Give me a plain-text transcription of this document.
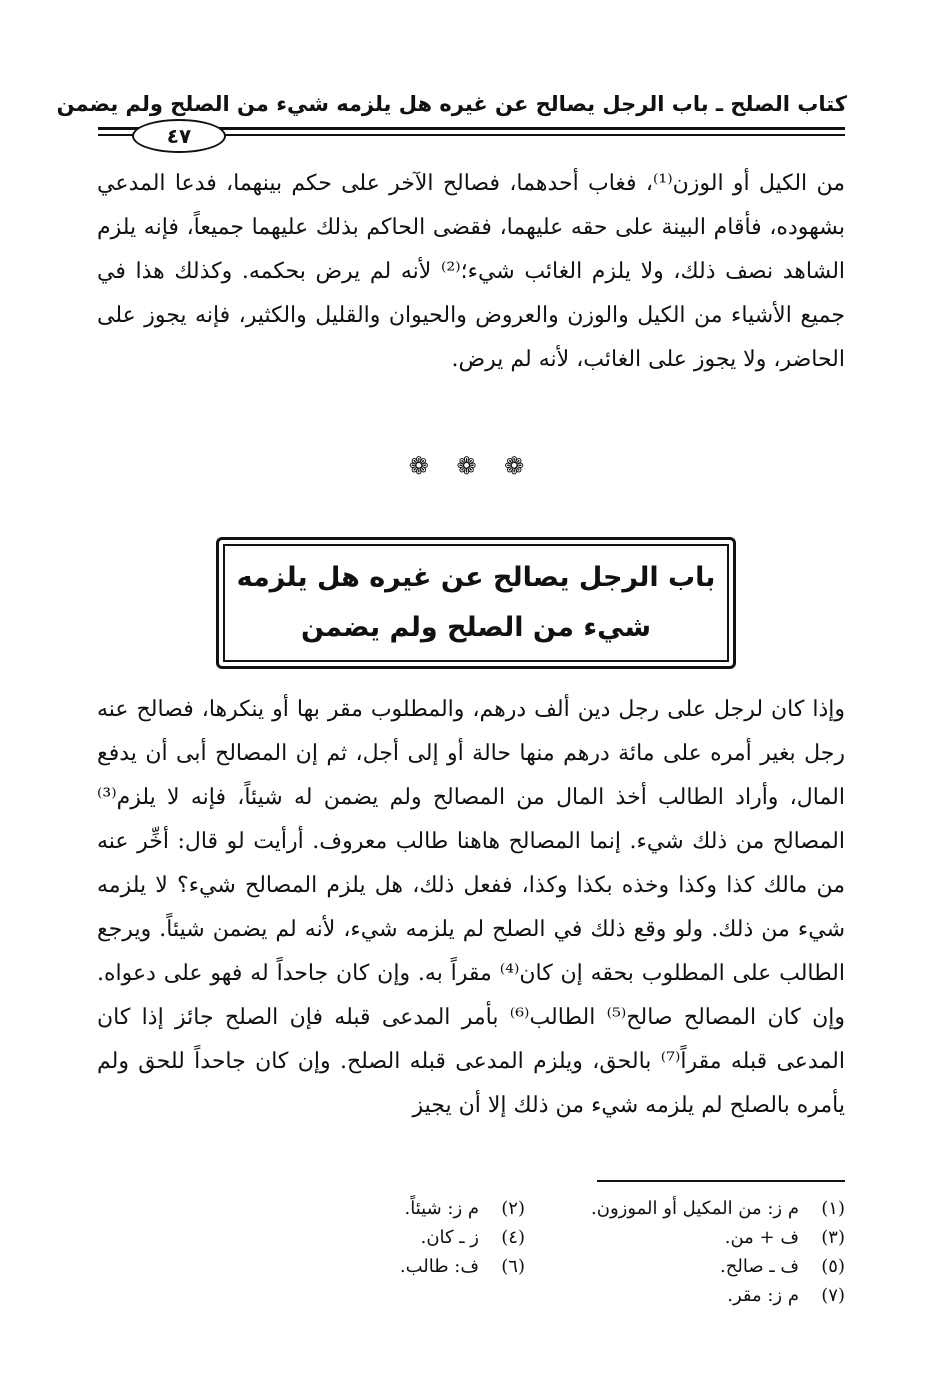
كتاب الصلح ـ باب الرجل يصالح عن غيره هل يلزمه شيء من الصلح ولم يضمن
٤٧
من الكيل أو الوزن⁽¹⁾، فغاب أحدهما، فصالح الآخر على حكم بينهما، فدعا المدعي بشهوده، فأقام البينة على حقه عليهما، فقضى الحاكم بذلك عليهما جميعاً، فإنه يلزم الشاهد نصف ذلك، ولا يلزم الغائب شيء؛⁽²⁾ لأنه لم يرض بحكمه. وكذلك هذا في جميع الأشياء من الكيل والوزن والعروض والحيوان والقليل والكثير، فإنه يجوز على الحاضر، ولا يجوز على الغائب، لأنه لم يرض.
❁ ❁ ❁
باب الرجل يصالح عن غيره هل يلزمه شيء من الصلح ولم يضمن
وإذا كان لرجل على رجل دين ألف درهم، والمطلوب مقر بها أو ينكرها، فصالح عنه رجل بغير أمره على مائة درهم منها حالة أو إلى أجل، ثم إن المصالح أبى أن يدفع المال، وأراد الطالب أخذ المال من المصالح ولم يضمن له شيئاً، فإنه لا يلزم⁽³⁾ المصالح من ذلك شيء. إنما المصالح هاهنا طالب معروف. أرأيت لو قال: أخِّر عنه من مالك كذا وكذا وخذه بكذا وكذا، ففعل ذلك، هل يلزم المصالح شيء؟ لا يلزمه شيء من ذلك. ولو وقع ذلك في الصلح لم يلزمه شيء، لأنه لم يضمن شيئاً. ويرجع الطالب على المطلوب بحقه إن كان⁽⁴⁾ مقراً به. وإن كان جاحداً له فهو على دعواه. وإن كان المصالح صالح⁽⁵⁾ الطالب⁽⁶⁾ بأمر المدعى قبله فإن الصلح جائز إذا كان المدعى قبله مقراً⁽⁷⁾ بالحق، ويلزم المدعى قبله الصلح. وإن كان جاحداً للحق ولم يأمره بالصلح لم يلزمه شيء من ذلك إلا أن يجيز
(١)م ز: من المكيل أو الموزون.
(٢)م ز: شيئاً.
(٣)ف + من.
(٤)ز ـ كان.
(٥)ف ـ صالح.
(٦)ف: طالب.
(٧)م ز: مقر.
